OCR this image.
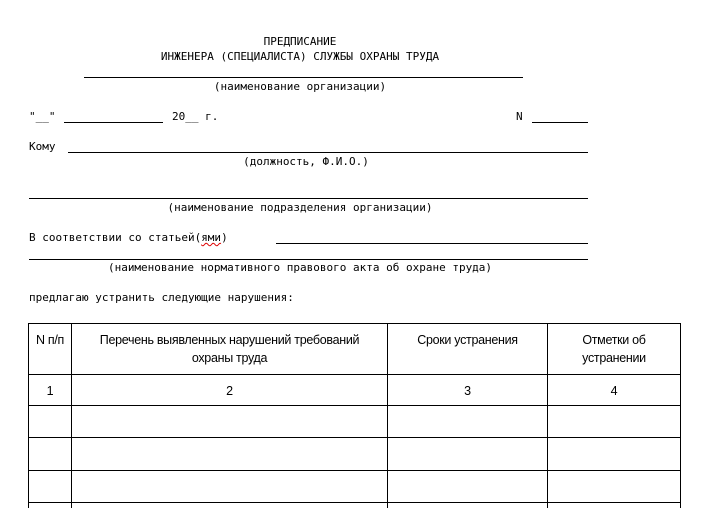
ПРЕДПИСАНИЕ
ИНЖЕНЕРА (СПЕЦИАЛИСТА) СЛУЖБЫ ОХРАНЫ ТРУДА
(наименование организации)
"__"	20__ г.	N
Кому
(должность, Ф.И.О.)
(наименование подразделения организации)
В соответствии со статьей(ями)
(наименование нормативного правового акта об охране труда)
предлагаю устранить следующие нарушения:
N п/п	Перечень выявленных нарушений требований охраны труда	Сроки устранения	Отметки об устранении
1	2	3	4
